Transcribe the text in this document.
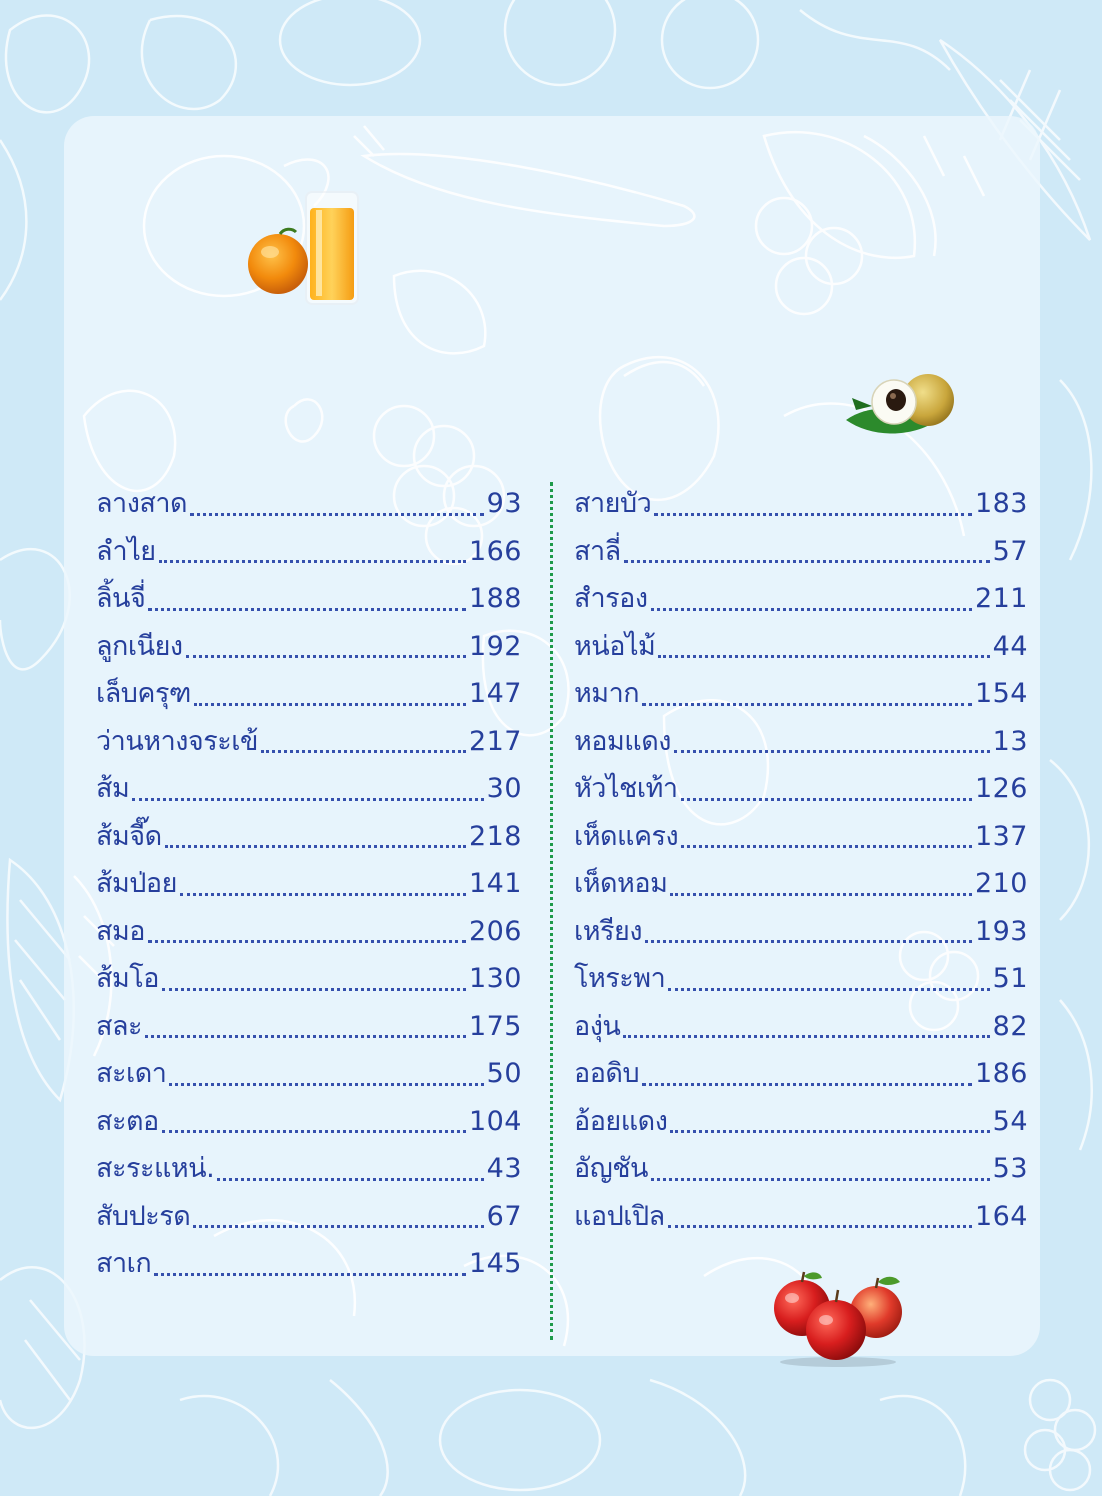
ลางสาด	93
ลำไย	166
ลิ้นจี่	188
ลูกเนียง	192
เล็บครุฑ	147
ว่านหางจระเข้	217
ส้ม	30
ส้มจี๊ด	218
ส้มป่อย	141
สมอ	206
ส้มโอ	130
สละ	175
สะเดา	50
สะตอ	104
สะระแหน่.	43
สับปะรด	67
สาเก	145
สายบัว	183
สาลี่	57
สำรอง	211
หน่อไม้	44
หมาก	154
หอมแดง	13
หัวไชเท้า	126
เห็ดแครง	137
เห็ดหอม	210
เหรียง	193
โหระพา	51
องุ่น	82
ออดิบ	186
อ้อยแดง	54
อัญชัน	53
แอปเปิล	164
